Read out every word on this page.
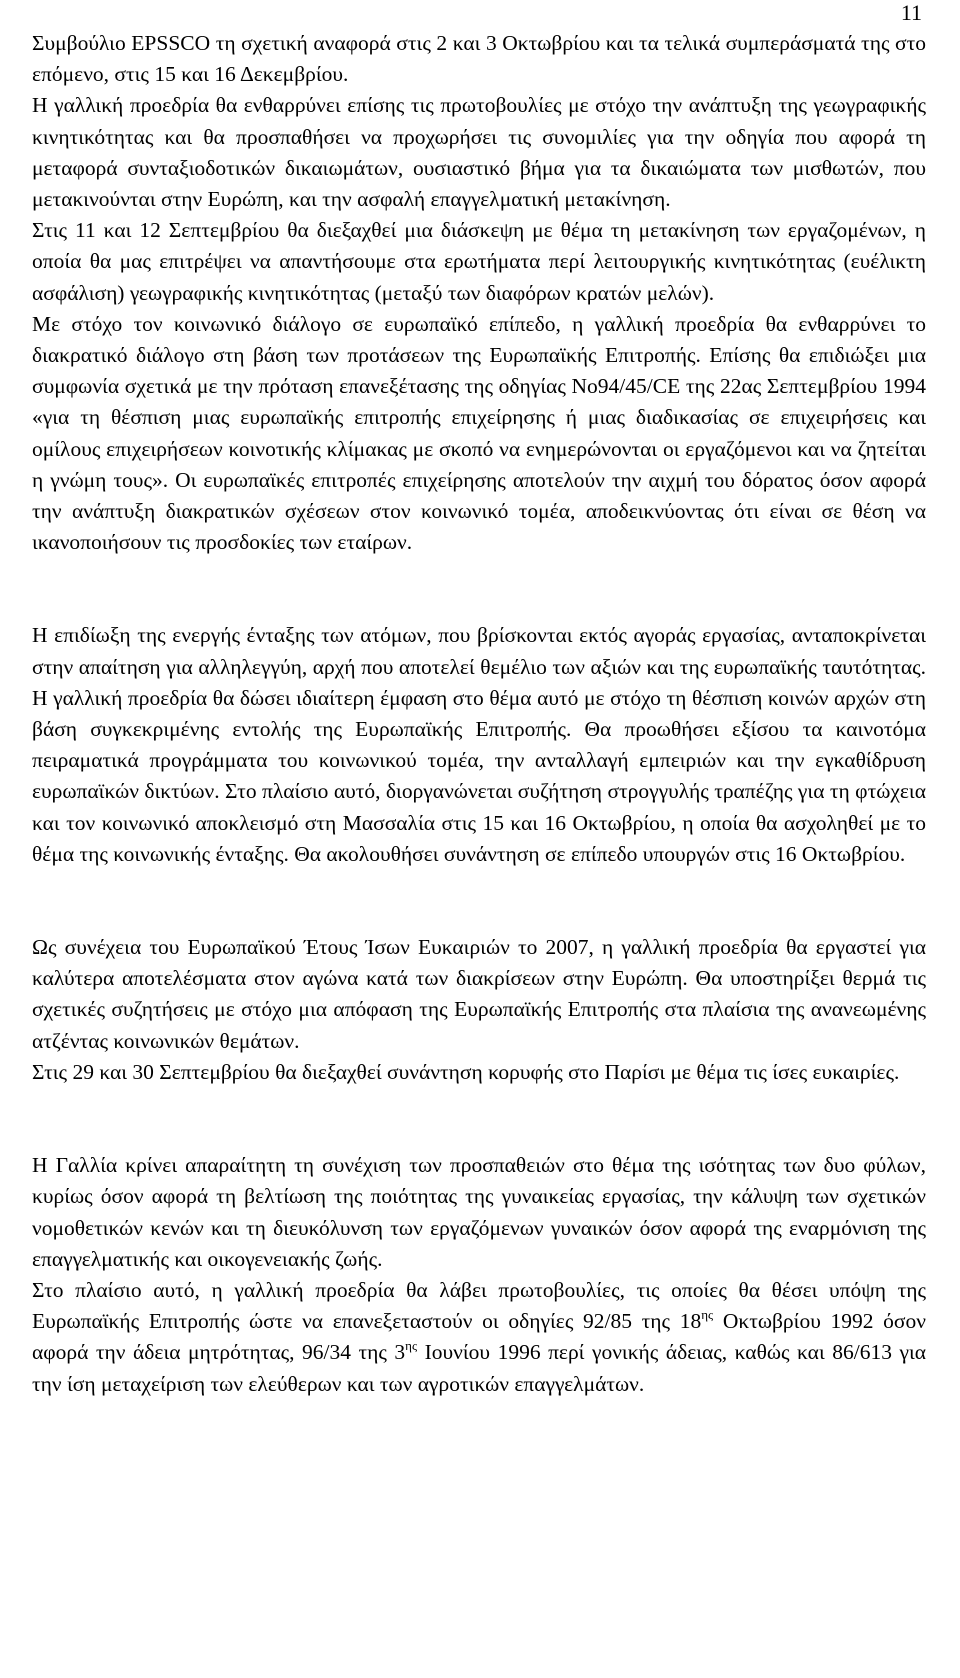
11

Συμβούλιο EPSSCO τη σχετική αναφορά στις 2 και 3 Οκτωβρίου και τα τελικά συμπεράσματά της στο επόμενο, στις 15 και 16 Δεκεμβρίου.

Η γαλλική προεδρία θα ενθαρρύνει επίσης τις πρωτοβουλίες με στόχο την ανάπτυξη της γεωγραφικής κινητικότητας και θα προσπαθήσει να προχωρήσει τις συνομιλίες για την οδηγία που αφορά τη μεταφορά συνταξιοδοτικών δικαιωμάτων, ουσιαστικό βήμα για τα δικαιώματα των μισθωτών, που μετακινούνται στην Ευρώπη, και την ασφαλή επαγγελματική μετακίνηση.

Στις 11 και 12 Σεπτεμβρίου θα διεξαχθεί μια διάσκεψη με θέμα τη μετακίνηση των εργαζομένων, η οποία θα μας επιτρέψει να απαντήσουμε στα ερωτήματα περί λειτουργικής κινητικότητας (ευέλικτη ασφάλιση) γεωγραφικής κινητικότητας (μεταξύ των διαφόρων κρατών μελών).

Με στόχο τον κοινωνικό διάλογο σε ευρωπαϊκό επίπεδο, η γαλλική προεδρία θα ενθαρρύνει το διακρατικό διάλογο στη βάση των προτάσεων της Ευρωπαϊκής Επιτροπής. Επίσης θα επιδιώξει μια συμφωνία σχετικά με την πρόταση επανεξέτασης της οδηγίας Νο94/45/CE της 22ας Σεπτεμβρίου 1994 «για τη θέσπιση μιας ευρωπαϊκής επιτροπής επιχείρησης ή μιας διαδικασίας σε επιχειρήσεις και ομίλους επιχειρήσεων κοινοτικής κλίμακας με σκοπό να ενημερώνονται οι εργαζόμενοι και να ζητείται η γνώμη τους». Οι ευρωπαϊκές επιτροπές επιχείρησης αποτελούν την αιχμή του δόρατος όσον αφορά την ανάπτυξη διακρατικών σχέσεων στον κοινωνικό τομέα, αποδεικνύοντας ότι είναι σε θέση να ικανοποιήσουν τις προσδοκίες των εταίρων.

Η επιδίωξη της ενεργής ένταξης των ατόμων, που βρίσκονται εκτός αγοράς εργασίας, ανταποκρίνεται στην απαίτηση για αλληλεγγύη, αρχή που αποτελεί θεμέλιο των αξιών και της ευρωπαϊκής ταυτότητας. Η γαλλική προεδρία θα δώσει ιδιαίτερη έμφαση στο θέμα αυτό με στόχο τη θέσπιση κοινών αρχών στη βάση συγκεκριμένης εντολής της Ευρωπαϊκής Επιτροπής. Θα προωθήσει εξίσου τα καινοτόμα πειραματικά προγράμματα του κοινωνικού τομέα, την ανταλλαγή εμπειριών και την εγκαθίδρυση ευρωπαϊκών δικτύων. Στο πλαίσιο αυτό, διοργανώνεται συζήτηση στρογγυλής τραπέζης για τη φτώχεια και τον κοινωνικό αποκλεισμό στη Μασσαλία στις 15 και 16 Οκτωβρίου, η οποία θα ασχοληθεί με το θέμα της κοινωνικής ένταξης. Θα ακολουθήσει συνάντηση σε επίπεδο υπουργών στις 16 Οκτωβρίου.

Ως συνέχεια του Ευρωπαϊκού Έτους Ίσων Ευκαιριών το 2007, η γαλλική προεδρία θα εργαστεί για καλύτερα αποτελέσματα στον αγώνα κατά των διακρίσεων στην Ευρώπη. Θα υποστηρίξει θερμά τις σχετικές συζητήσεις με στόχο μια απόφαση της Ευρωπαϊκής Επιτροπής στα πλαίσια της ανανεωμένης ατζέντας κοινωνικών θεμάτων.

Στις 29 και 30 Σεπτεμβρίου θα διεξαχθεί συνάντηση κορυφής στο Παρίσι με θέμα τις ίσες ευκαιρίες.

Η Γαλλία κρίνει απαραίτητη τη συνέχιση των προσπαθειών στο θέμα της ισότητας των δυο φύλων, κυρίως όσον αφορά τη βελτίωση της ποιότητας της γυναικείας εργασίας, την κάλυψη των σχετικών νομοθετικών κενών και τη διευκόλυνση των εργαζόμενων γυναικών όσον αφορά της εναρμόνιση της επαγγελματικής και οικογενειακής ζωής.

Στο πλαίσιο αυτό, η γαλλική προεδρία θα λάβει πρωτοβουλίες, τις οποίες θα θέσει υπόψη της Ευρωπαϊκής Επιτροπής ώστε να επανεξεταστούν οι οδηγίες 92/85 της $18^{\eta\varsigma}$ Οκτωβρίου 1992 όσον αφορά την άδεια μητρότητας, 96/34 της $3^{\eta\varsigma}$ Ιουνίου 1996 περί γονικής άδειας, καθώς και 86/613 για την ίση μεταχείριση των ελεύθερων και των αγροτικών επαγγελμάτων.
